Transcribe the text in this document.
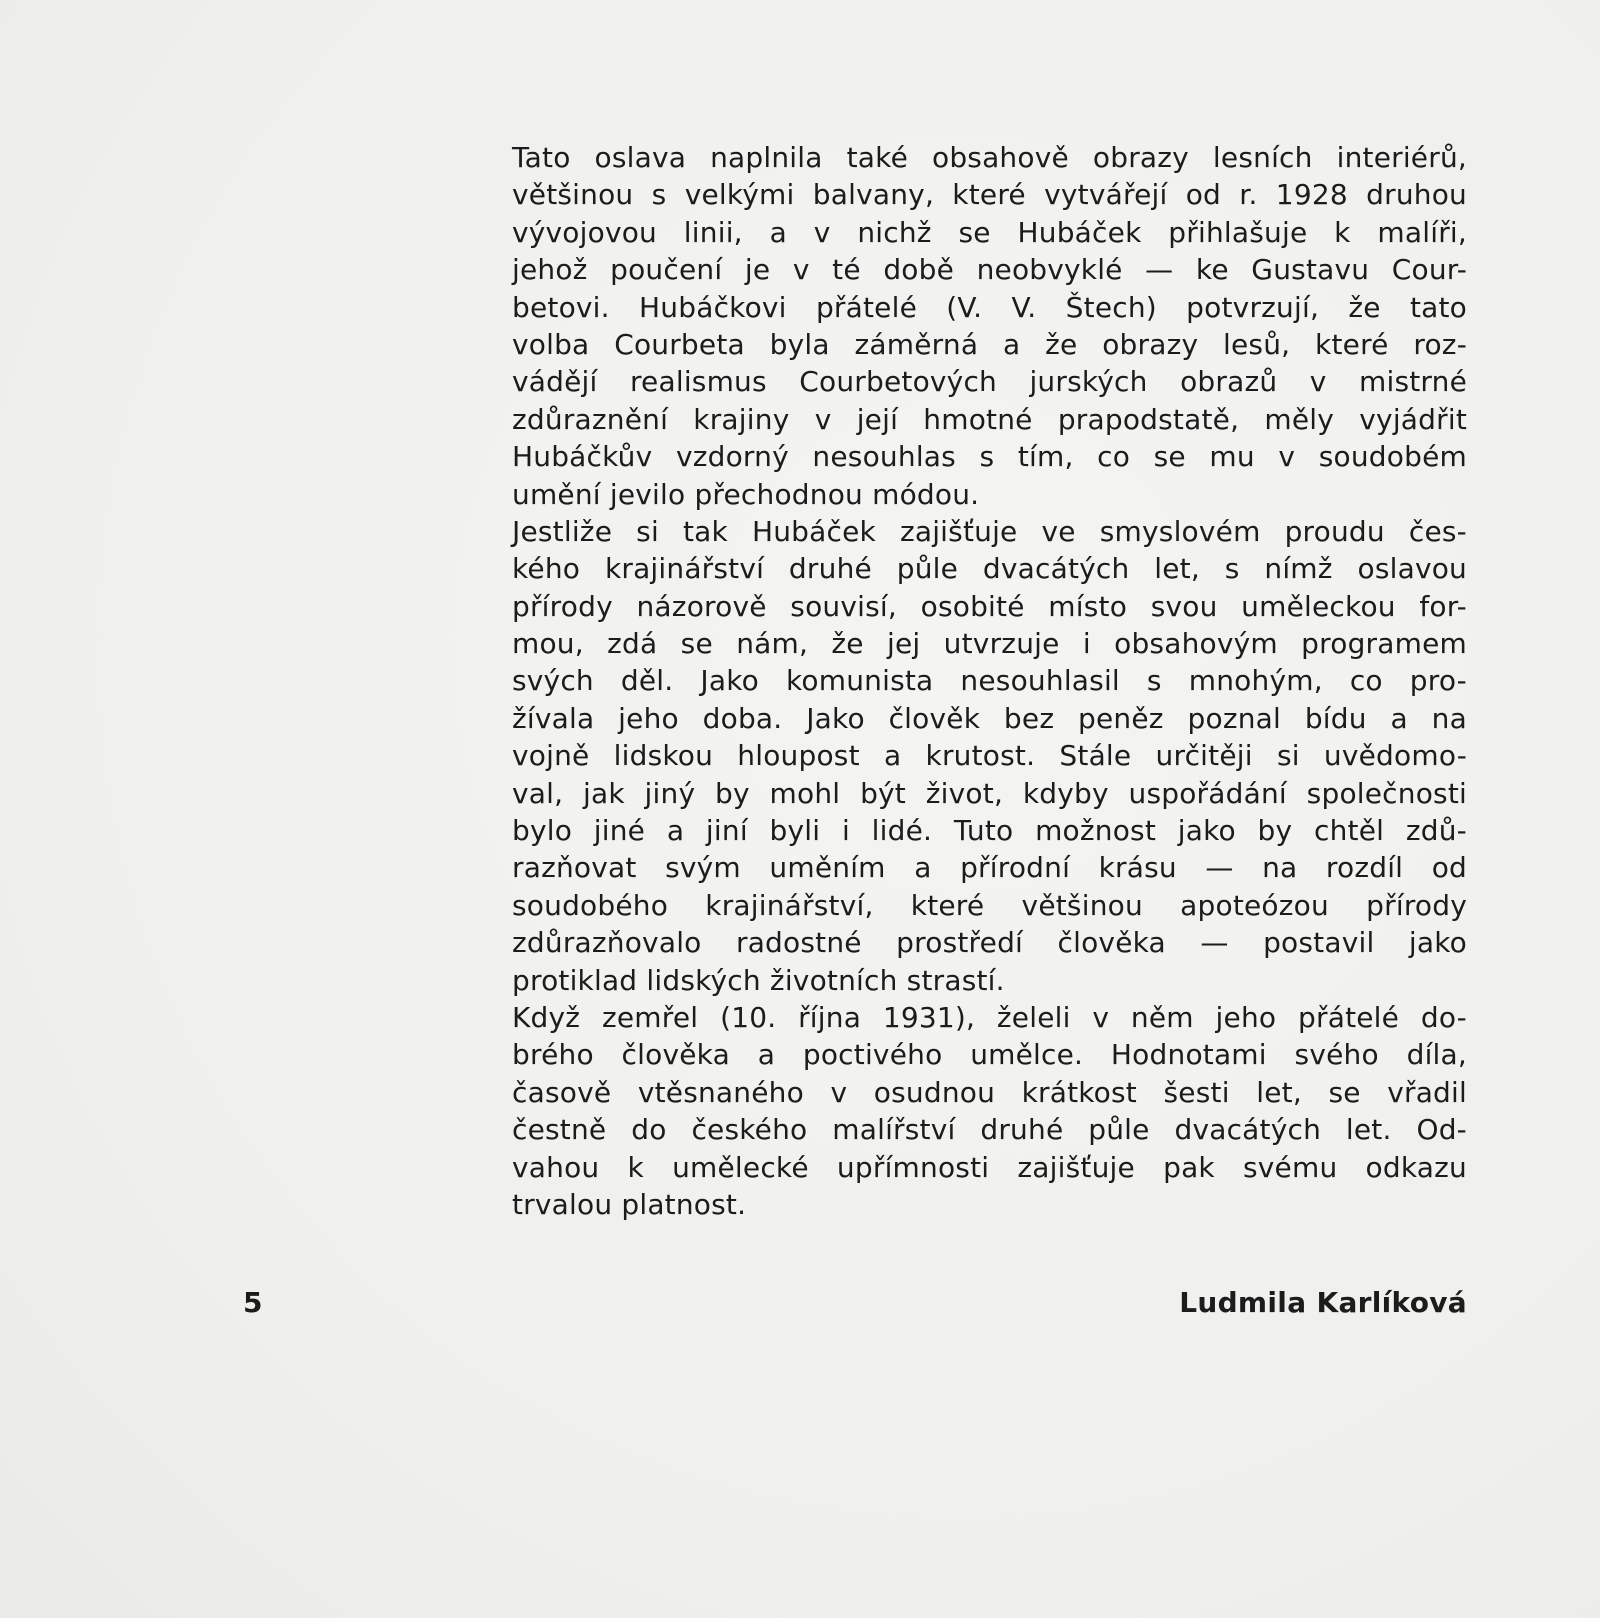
Tato oslava naplnila také obsahově obrazy lesních interiérů,
většinou s velkými balvany, které vytvářejí od r. 1928 druhou
vývojovou linii, a v nichž se Hubáček přihlašuje k malíři,
jehož poučení je v té době neobvyklé — ke Gustavu Cour-
betovi. Hubáčkovi přátelé (V. V. Štech) potvrzují, že tato
volba Courbeta byla záměrná a že obrazy lesů, které roz-
vádějí realismus Courbetových jurských obrazů v mistrné
zdůraznění krajiny v její hmotné prapodstatě, měly vyjádřit
Hubáčkův vzdorný nesouhlas s tím, co se mu v soudobém
umění jevilo přechodnou módou.
Jestliže si tak Hubáček zajišťuje ve smyslovém proudu čes-
kého krajinářství druhé půle dvacátých let, s nímž oslavou
přírody názorově souvisí, osobité místo svou uměleckou for-
mou, zdá se nám, že jej utvrzuje i obsahovým programem
svých děl. Jako komunista nesouhlasil s mnohým, co pro-
žívala jeho doba. Jako člověk bez peněz poznal bídu a na
vojně lidskou hloupost a krutost. Stále určitěji si uvědomo-
val, jak jiný by mohl být život, kdyby uspořádání společnosti
bylo jiné a jiní byli i lidé. Tuto možnost jako by chtěl zdů-
razňovat svým uměním a přírodní krásu — na rozdíl od
soudobého krajinářství, které většinou apoteózou přírody
zdůrazňovalo radostné prostředí člověka — postavil jako
protiklad lidských životních strastí.
Když zemřel (10. října 1931), želeli v něm jeho přátelé do-
brého člověka a poctivého umělce. Hodnotami svého díla,
časově vtěsnaného v osudnou krátkost šesti let, se vřadil
čestně do českého malířství druhé půle dvacátých let. Od-
vahou k umělecké upřímnosti zajišťuje pak svému odkazu
trvalou platnost.
5	Ludmila Karlíková
